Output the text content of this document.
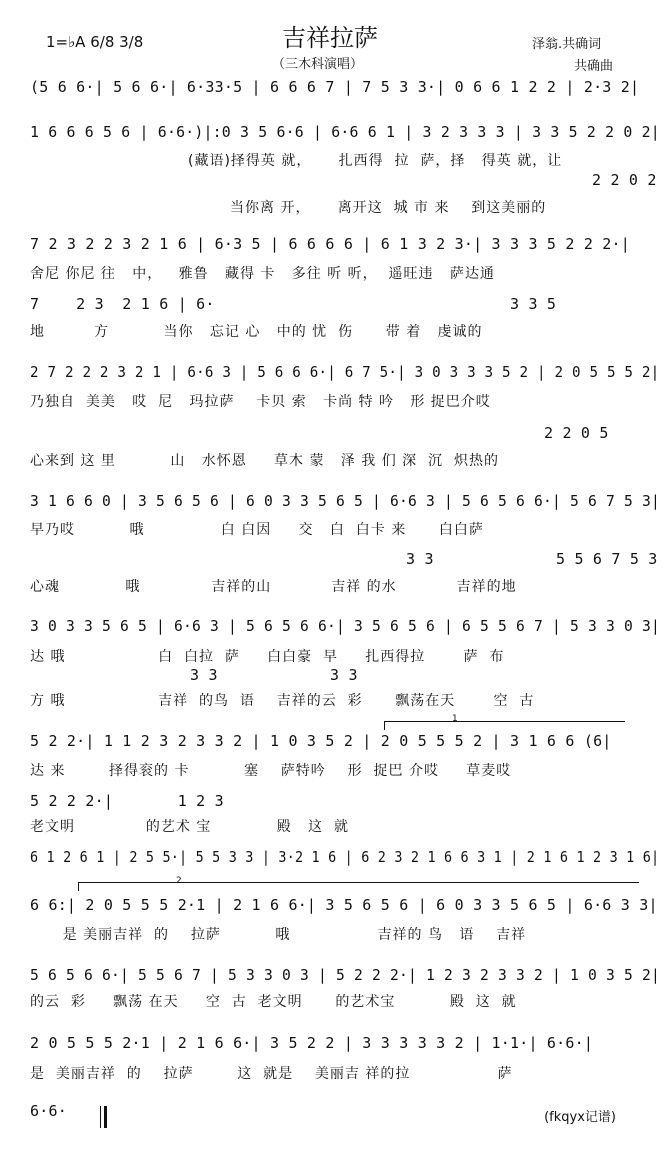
1=♭A 6/8 3/8	吉祥拉萨
（三木科演唱）
泽翁.共确词
共确曲
(5 6 6·| 5 6 6·| 6·33·5 | 6 6 6 7 | 7 5 3 3·| 0 6 6 1 2 2 | 2·3 2|
1 6 6 6 5 6 | 6·6·)|:0 3 5 6·6 | 6·6 6 1 | 3 2 3 3 3 | 3 3 5 2 2 0 2|
(藏语)择得英 就，     扎西得  拉  萨，择   得英 就，让
2 2 0 2
当你离 开，     离开这  城 市 来    到这美丽的
7 2 3 2 2 3 2 1 6 | 6·3 5 | 6 6 6 6 | 6 1 3 2 3·| 3 3 3 5 2 2 2·|
舍尼 你尼 往   中，   雅鲁   藏得 卡   多往 听 听，  遥旺违   萨达通
7    2 3  2 1 6 | 6·                                3 3 5
地         方          当你   忘记 心   中的 忧  伤      带 着   虔诚的
2 7 2 2 2 3 2 1 | 6·6 3 | 5 6 6 6·| 6 7 5·| 3 0 3 3 3 5 2 | 2 0 5 5 5 2|
乃独自  美美   哎  尼   玛拉萨    卡贝 索   卡尚 特 吟   形 捉巴介哎
2 2 0 5
心来到 这 里          山   水怀恩     草木 蒙   泽 我 们 深  沉  炽热的
3 1 6 6 0 | 3 5 6 5 6 | 6 0 3 3 5 6 5 | 6·6 3 | 5 6 5 6 6·| 5 6 7 5 3|
早乃哎          哦              白 白因     交   白  白卡 来      白白萨
3 3	5 5 6 7 5 3
心魂            哦             吉祥的山           吉祥 的水           吉祥的地
3 0 3 3 5 6 5 | 6·6 3 | 5 6 5 6 6·| 3 5 6 5 6 | 6 5 5 6 7 | 5 3 3 0 3|
达 哦                 白  白拉  萨     白白豪  早     扎西得拉       萨  布
3 3	3 3
方 哦                 吉祥  的鸟  语    吉祥的云  彩      飘荡在天       空  古
5 2 2·| 1 1 2 3 2 3 3 2 | 1 0 3 5 2 | 2 0 5 5 5 2 | 3 1 6 6 (6|
达 来        择得衮的 卡          塞    萨特吟    形  捉巴 介哎     草麦哎
5 2 2 2·|       1 2 3
老文明             的艺术 宝            殿   这  就
6 1 2 6 1 | 2 5 5·| 5 5 3 3 | 3·2 1 6 | 6 2 3 2 1 6 6 3 1 | 2 1 6 1 2 3 1 6|
6 6:| 2 0 5 5 5 2·1 | 2 1 6 6·| 3 5 6 5 6 | 6 0 3 3 5 6 5 | 6·6 3 3|
是 美丽吉祥  的    拉萨          哦                吉祥的 鸟   语    吉祥
5 6 5 6 6·| 5 5 6 7 | 5 3 3 0 3 | 5 2 2 2·| 1 2 3 2 3 3 2 | 1 0 3 5 2|
的云  彩     飘荡 在天     空  古  老文明      的艺术宝          殿  这  就
2 0 5 5 5 2·1 | 2 1 6 6·| 3 5 2 2 | 3 3 3 3 3 2 | 1·1·| 6·6·|
是  美丽吉祥  的    拉萨        这  就是    美丽吉 祥的拉                萨
6·6·
1
2
(fkqyx记谱)
